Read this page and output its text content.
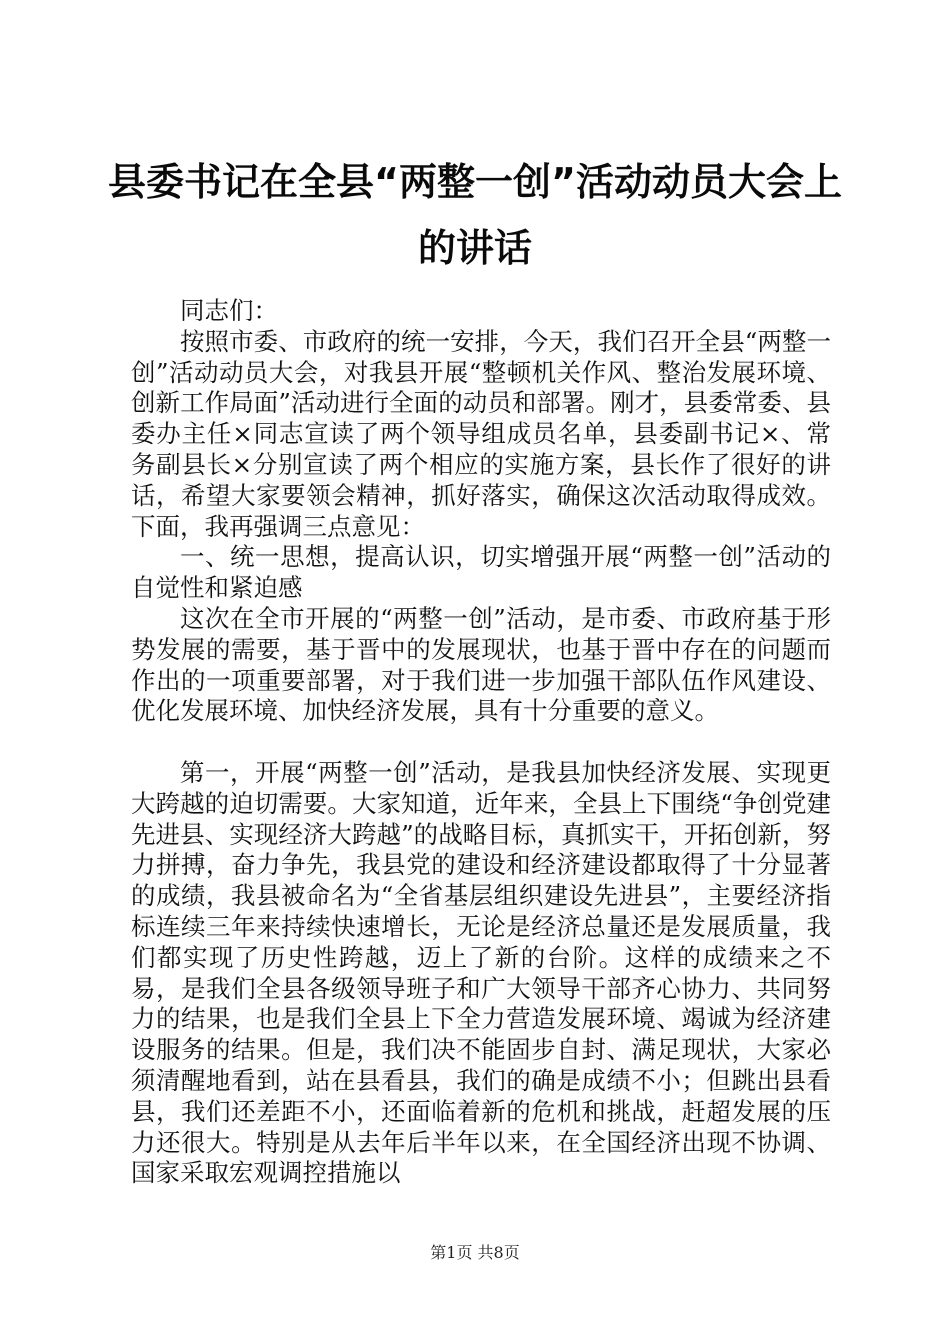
县委书记在全县“两整一创”活动动员大会上

的讲话

同志们：

按照市委、市政府的统一安排，今天，我们召开全县“两整一创”活动动员大会，对我县开展“整顿机关作风、整治发展环境、创新工作局面”活动进行全面的动员和部署。刚才，县委常委、县委办主任×同志宣读了两个领导组成员名单，县委副书记×、常务副县长×分别宣读了两个相应的实施方案，县长作了很好的讲话，希望大家要领会精神，抓好落实，确保这次活动取得成效。下面，我再强调三点意见：

一、统一思想，提高认识，切实增强开展“两整一创”活动的自觉性和紧迫感

这次在全市开展的“两整一创”活动，是市委、市政府基于形势发展的需要，基于晋中的发展现状，也基于晋中存在的问题而作出的一项重要部署，对于我们进一步加强干部队伍作风建设、优化发展环境、加快经济发展，具有十分重要的意义。

第一，开展“两整一创”活动，是我县加快经济发展、实现更大跨越的迫切需要。大家知道，近年来，全县上下围绕“争创党建先进县、实现经济大跨越”的战略目标，真抓实干，开拓创新，努力拼搏，奋力争先，我县党的建设和经济建设都取得了十分显著的成绩，我县被命名为“全省基层组织建设先进县”，主要经济指标连续三年来持续快速增长，无论是经济总量还是发展质量，我们都实现了历史性跨越，迈上了新的台阶。这样的成绩来之不易，是我们全县各级领导班子和广大领导干部齐心协力、共同努力的结果，也是我们全县上下全力营造发展环境、竭诚为经济建设服务的结果。但是，我们决不能固步自封、满足现状，大家必须清醒地看到，站在县看县，我们的确是成绩不小；但跳出县看县，我们还差距不小，还面临着新的危机和挑战，赶超发展的压力还很大。特别是从去年后半年以来，在全国经济出现不协调、国家采取宏观调控措施以

第1页 共8页
